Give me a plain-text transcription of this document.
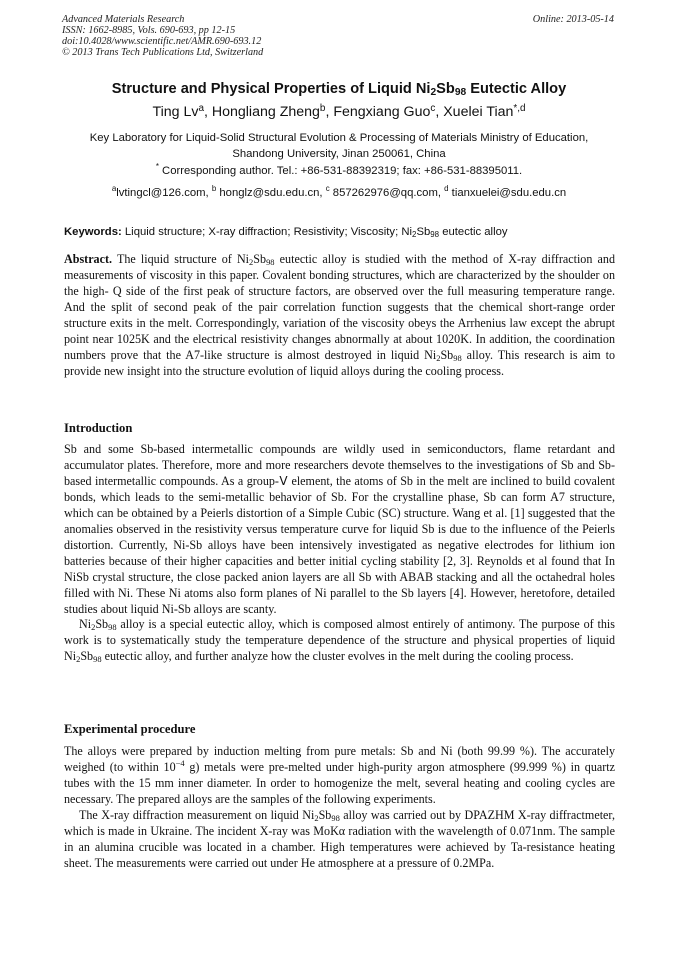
Advanced Materials Research
ISSN: 1662-8985, Vols. 690-693, pp 12-15
doi:10.4028/www.scientific.net/AMR.690-693.12
© 2013 Trans Tech Publications Ltd, Switzerland
Online: 2013-05-14
Structure and Physical Properties of Liquid $Ni_2Sb_{98}$ Eutectic Alloy
Ting Lv$^a$, Hongliang Zheng$^b$, Fengxiang Guo$^c$, Xuelei Tian$^{*,d}$
Key Laboratory for Liquid-Solid Structural Evolution & Processing of Materials Ministry of Education,
Shandong University, Jinan 250061, China
* Corresponding author. Tel.: +86-531-88392319; fax: +86-531-88395011.
$^a$lvtingcl@126.com, $^b$ honglz@sdu.edu.cn, $^c$ 857262976@qq.com, $^d$ tianxuelei@sdu.edu.cn
Keywords: Liquid structure; X-ray diffraction; Resistivity; Viscosity; $Ni_2Sb_{98}$ eutectic alloy

Abstract. The liquid structure of $Ni_2Sb_{98}$ eutectic alloy is studied with the method of X-ray diffraction and measurements of viscosity in this paper. Covalent bonding structures, which are characterized by the shoulder on the high- Q side of the first peak of structure factors, are observed over the full measuring temperature range. And the split of second peak of the pair correlation function suggests that the chemical short-range order structure exits in the melt. Correspondingly, variation of the viscosity obeys the Arrhenius law except the abrupt point near 1025K and the electrical resistivity changes abnormally at about 1020K. In addition, the coordination numbers prove that the A7-like structure is almost destroyed in liquid $Ni_2Sb_{98}$ alloy. This research is aim to provide new insight into the structure evolution of liquid alloys during the cooling process.

Introduction

Sb and some Sb-based intermetallic compounds are wildly used in semiconductors, flame retardant and accumulator plates. Therefore, more and more researchers devote themselves to the investigations of Sb and Sb-based intermetallic compounds. As a group-Ⅴ element, the atoms of Sb in the melt are inclined to build covalent bonds, which leads to the semi-metallic behavior of Sb. For the crystalline phase, Sb can form A7 structure, which can be obtained by a Peierls distortion of a Simple Cubic (SC) structure. Wang et al. [1] suggested that the anomalies observed in the resistivity versus temperature curve for liquid Sb is due to the influence of the Peierls distortion. Currently, Ni-Sb alloys have been intensively investigated as negative electrodes for lithium ion batteries because of their higher capacities and better initial cycling stability [2, 3]. Reynolds et al found that In NiSb crystal structure, the close packed anion layers are all Sb with ABAB stacking and all the octahedral holes filled with Ni. These Ni atoms also form planes of Ni parallel to the Sb layers [4]. However, heretofore, detailed studies about liquid Ni-Sb alloys are scanty.

$Ni_2Sb_{98}$ alloy is a special eutectic alloy, which is composed almost entirely of antimony. The purpose of this work is to systematically study the temperature dependence of the structure and physical properties of liquid $Ni_2Sb_{98}$ eutectic alloy, and further analyze how the cluster evolves in the melt during the cooling process.

Experimental procedure

The alloys were prepared by induction melting from pure metals: Sb and Ni (both 99.99 %). The accurately weighed (to within $10^{-4}$ g) metals were pre-melted under high-purity argon atmosphere (99.999 %) in quartz tubes with the 15 mm inner diameter. In order to homogenize the melt, several heating and cooling cycles are necessary. The prepared alloys are the samples of the following experiments.

The X-ray diffraction measurement on liquid $Ni_2Sb_{98}$ alloy was carried out by DPAZHM X-ray diffractmeter, which is made in Ukraine. The incident X-ray was MoKα radiation with the wavelength of 0.071nm. The sample in an alumina crucible was located in a chamber. High temperatures were achieved by Ta-resistance heating sheet. The measurements were carried out under He atmosphere at a pressure of 0.2MPa.
